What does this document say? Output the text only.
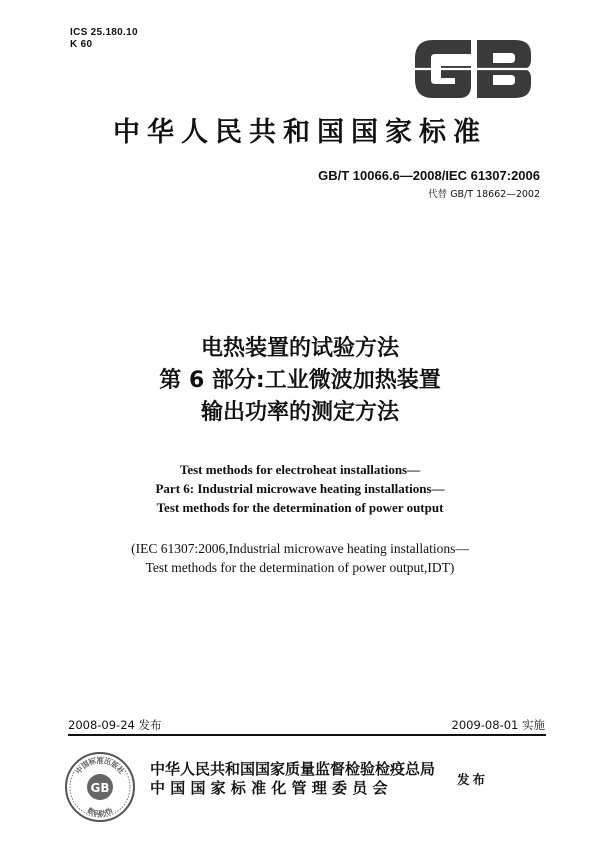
ICS 25.180.10
K 60
中华人民共和国国家标准
GB/T 10066.6—2008/IEC 61307:2006
代替 GB/T 18662—2002
电热装置的试验方法
第 6 部分:工业微波加热装置
输出功率的测定方法
Test methods for electroheat installations—
Part 6: Industrial microwave heating installations—
Test methods for the determination of power output
(IEC 61307:2006,Industrial microwave heating installations—
Test methods for the determination of power output,IDT)
2008-09-24 发布	2009-08-01 实施
GB
中国标准出版社
数码防伪
中华人民共和国国家质量监督检验检疫总局
中 国 国 家 标 准 化 管 理 委 员 会	发布
